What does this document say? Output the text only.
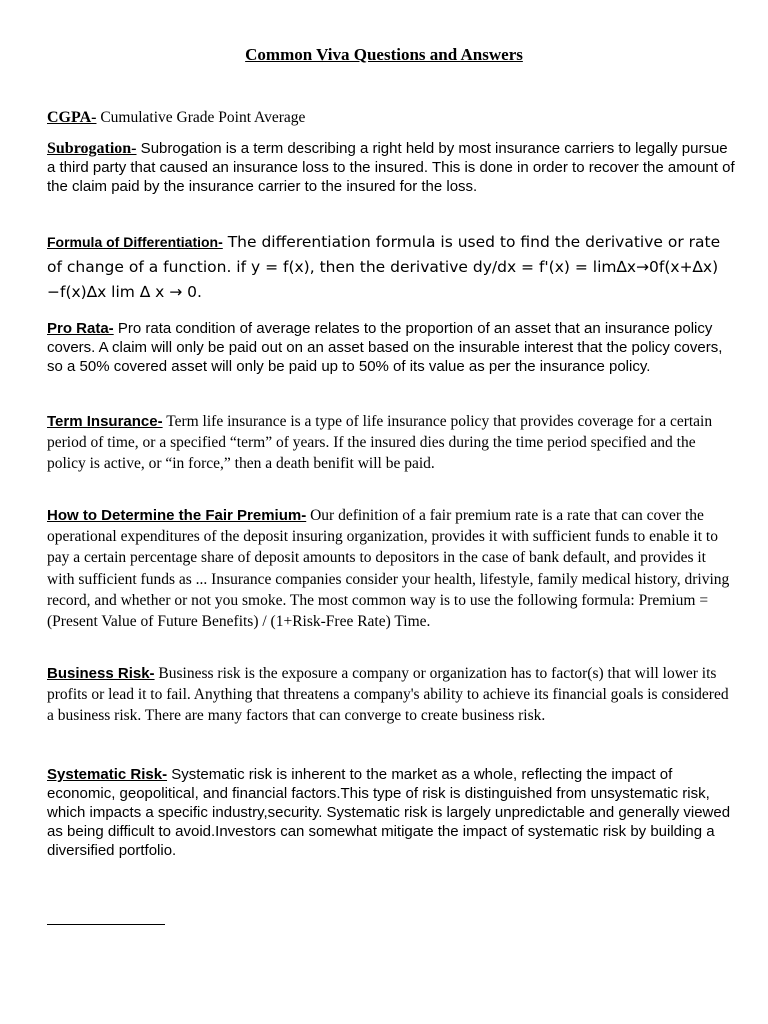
Common Viva Questions and Answers

CGPA- Cumulative Grade Point Average

Subrogation- Subrogation is a term describing a right held by most insurance carriers to legally pursue a third party that caused an insurance loss to the insured. This is done in order to recover the amount of the claim paid by the insurance carrier to the insured for the loss.

Formula of Differentiation- The differentiation formula is used to find the derivative or rate of change of a function. if y = f(x), then the derivative dy/dx = f'(x) = lim∆x→0f(x+∆x)−f(x)∆x lim ∆ x → 0.

Pro Rata- Pro rata condition of average relates to the proportion of an asset that an insurance policy covers. A claim will only be paid out on an asset based on the insurable interest that the policy covers, so a 50% covered asset will only be paid up to 50% of its value as per the insurance policy.

Term Insurance- Term life insurance is a type of life insurance policy that provides coverage for a certain period of time, or a specified “term” of years. If the insured dies during the time period specified and the policy is active, or “in force,” then a death benifit will be paid.

How to Determine the Fair Premium- Our definition of a fair premium rate is a rate that can cover the operational expenditures of the deposit insuring organization, provides it with sufficient funds to enable it to pay a certain percentage share of deposit amounts to depositors in the case of bank default, and provides it with sufficient funds as ... Insurance companies consider your health, lifestyle, family medical history, driving record, and whether or not you smoke. The most common way is to use the following formula: Premium = (Present Value of Future Benefits) / (1+Risk-Free Rate) Time.

Business Risk- Business risk is the exposure a company or organization has to factor(s) that will lower its profits or lead it to fail. Anything that threatens a company's ability to achieve its financial goals is considered a business risk. There are many factors that can converge to create business risk.

Systematic Risk- Systematic risk is inherent to the market as a whole, reflecting the impact of economic, geopolitical, and financial factors.This type of risk is distinguished from unsystematic risk, which impacts a specific industry,security. Systematic risk is largely unpredictable and generally viewed as being difficult to avoid.Investors can somewhat mitigate the impact of systematic risk by building a diversified portfolio.
